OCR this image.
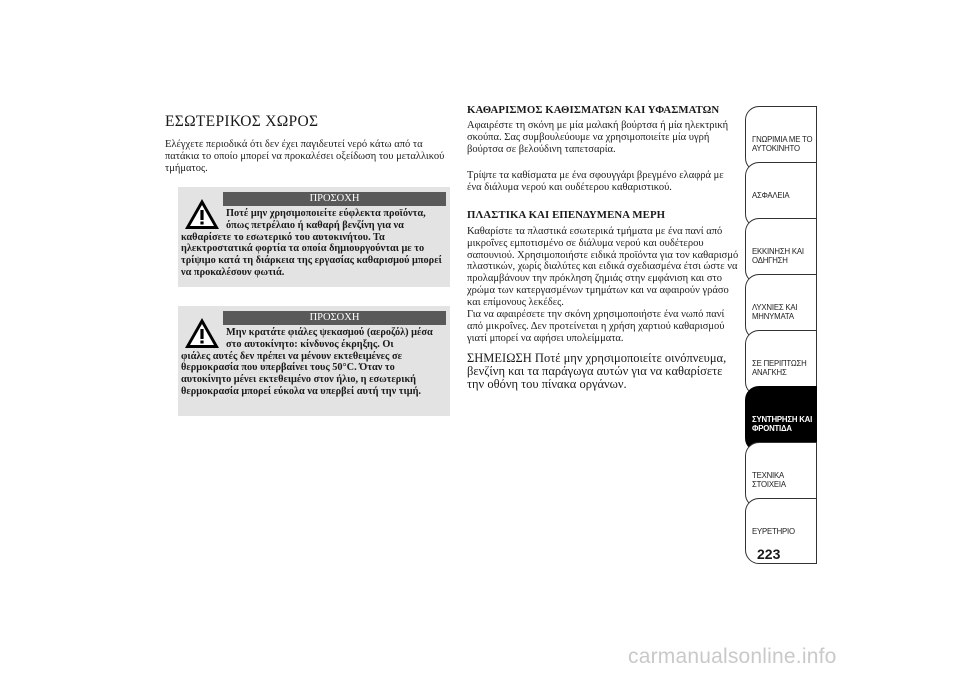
ΕΣΩΤΕΡΙΚΟΣ ΧΩΡΟΣ
Ελέγχετε περιοδικά ότι δεν έχει παγιδευτεί νερό κάτω από τα πατάκια το οποίο μπορεί να προκαλέσει οξείδωση του μεταλλικού τμήματος.
ΠΡΟΣΟΧΗ
Ποτέ μην χρησιμοποιείτε εύφλεκτα προϊόντα, όπως πετρέλαιο ή καθαρή βενζίνη για να
καθαρίσετε το εσωτερικό του αυτοκινήτου. Τα ηλεκτροστατικά φορτία τα οποία δημιουργούνται με το τρίψιμο κατά τη διάρκεια της εργασίας καθαρισμού μπορεί να προκαλέσουν φωτιά.
ΠΡΟΣΟΧΗ
Μην κρατάτε φιάλες ψεκασμού (αεροζόλ) μέσα στο αυτοκίνητο: κίνδυνος έκρηξης. Οι
φιάλες αυτές δεν πρέπει να μένουν εκτεθειμένες σε θερμοκρασία που υπερβαίνει τους 50°C. Όταν το αυτοκίνητο μένει εκτεθειμένο στον ήλιο, η εσωτερική θερμοκρασία μπορεί εύκολα να υπερβεί αυτή την τιμή.
ΚΑΘΑΡΙΣΜΟΣ ΚΑΘΙΣΜΑΤΩΝ ΚΑΙ ΥΦΑΣΜΑΤΩΝ
Αφαιρέστε τη σκόνη με μία μαλακή βούρτσα ή μία ηλεκτρική σκούπα. Σας συμβουλεύουμε να χρησιμοποιείτε μία υγρή βούρτσα σε βελούδινη ταπετσαρία.
Τρίψτε τα καθίσματα με ένα σφουγγάρι βρεγμένο ελαφρά με ένα διάλυμα νερού και ουδέτερου καθαριστικού.
ΠΛΑΣΤΙΚΑ ΚΑΙ ΕΠΕΝΔΥΜΕΝΑ ΜΕΡΗ
Καθαρίστε τα πλαστικά εσωτερικά τμήματα με ένα πανί από μικροΐνες εμποτισμένο σε διάλυμα νερού και ουδέτερου σαπουνιού. Χρησιμοποιήστε ειδικά προϊόντα για τον καθαρισμό πλαστικών, χωρίς διαλύτες και ειδικά σχεδιασμένα έτσι ώστε να προλαμβάνουν την πρόκληση ζημιάς στην εμφάνιση και στο χρώμα των κατεργασμένων τμημάτων και να αφαιρούν γράσο και επίμονους λεκέδες.
Για να αφαιρέσετε την σκόνη χρησιμοποιήστε ένα νωπό πανί από μικροΐνες. Δεν προτείνεται η χρήση χαρτιού καθαρισμού γιατί μπορεί να αφήσει υπολείμματα.
ΣΗΜΕΙΩΣΗ Ποτέ μην χρησιμοποιείτε οινόπνευμα, βενζίνη και τα παράγωγα αυτών για να καθαρίσετε την οθόνη του πίνακα οργάνων.
ΓΝΩΡΙΜΙΑ ΜΕ ΤΟ
ΑΥΤΟΚΙΝΗΤΟ
ΑΣΦΑΛΕΙΑ

ΕΚΚΙΝΗΣΗ ΚΑΙ
ΟΔΗΓΗΣΗ
ΛΥΧΝΙΕΣ ΚΑΙ
ΜΗΝΥΜΑΤΑ
ΣΕ ΠΕΡΙΠΤΩΣΗ
ΑΝΑΓΚΗΣ
ΣΥΝΤΗΡΗΣΗ ΚΑΙ
ΦΡΟΝΤΙΔΑ
ΤΕΧΝΙΚΑ ΣΤΟΙΧΕΙΑ

ΕΥΡΕΤΗΡΙΟ

223
carmanualsonline.info
